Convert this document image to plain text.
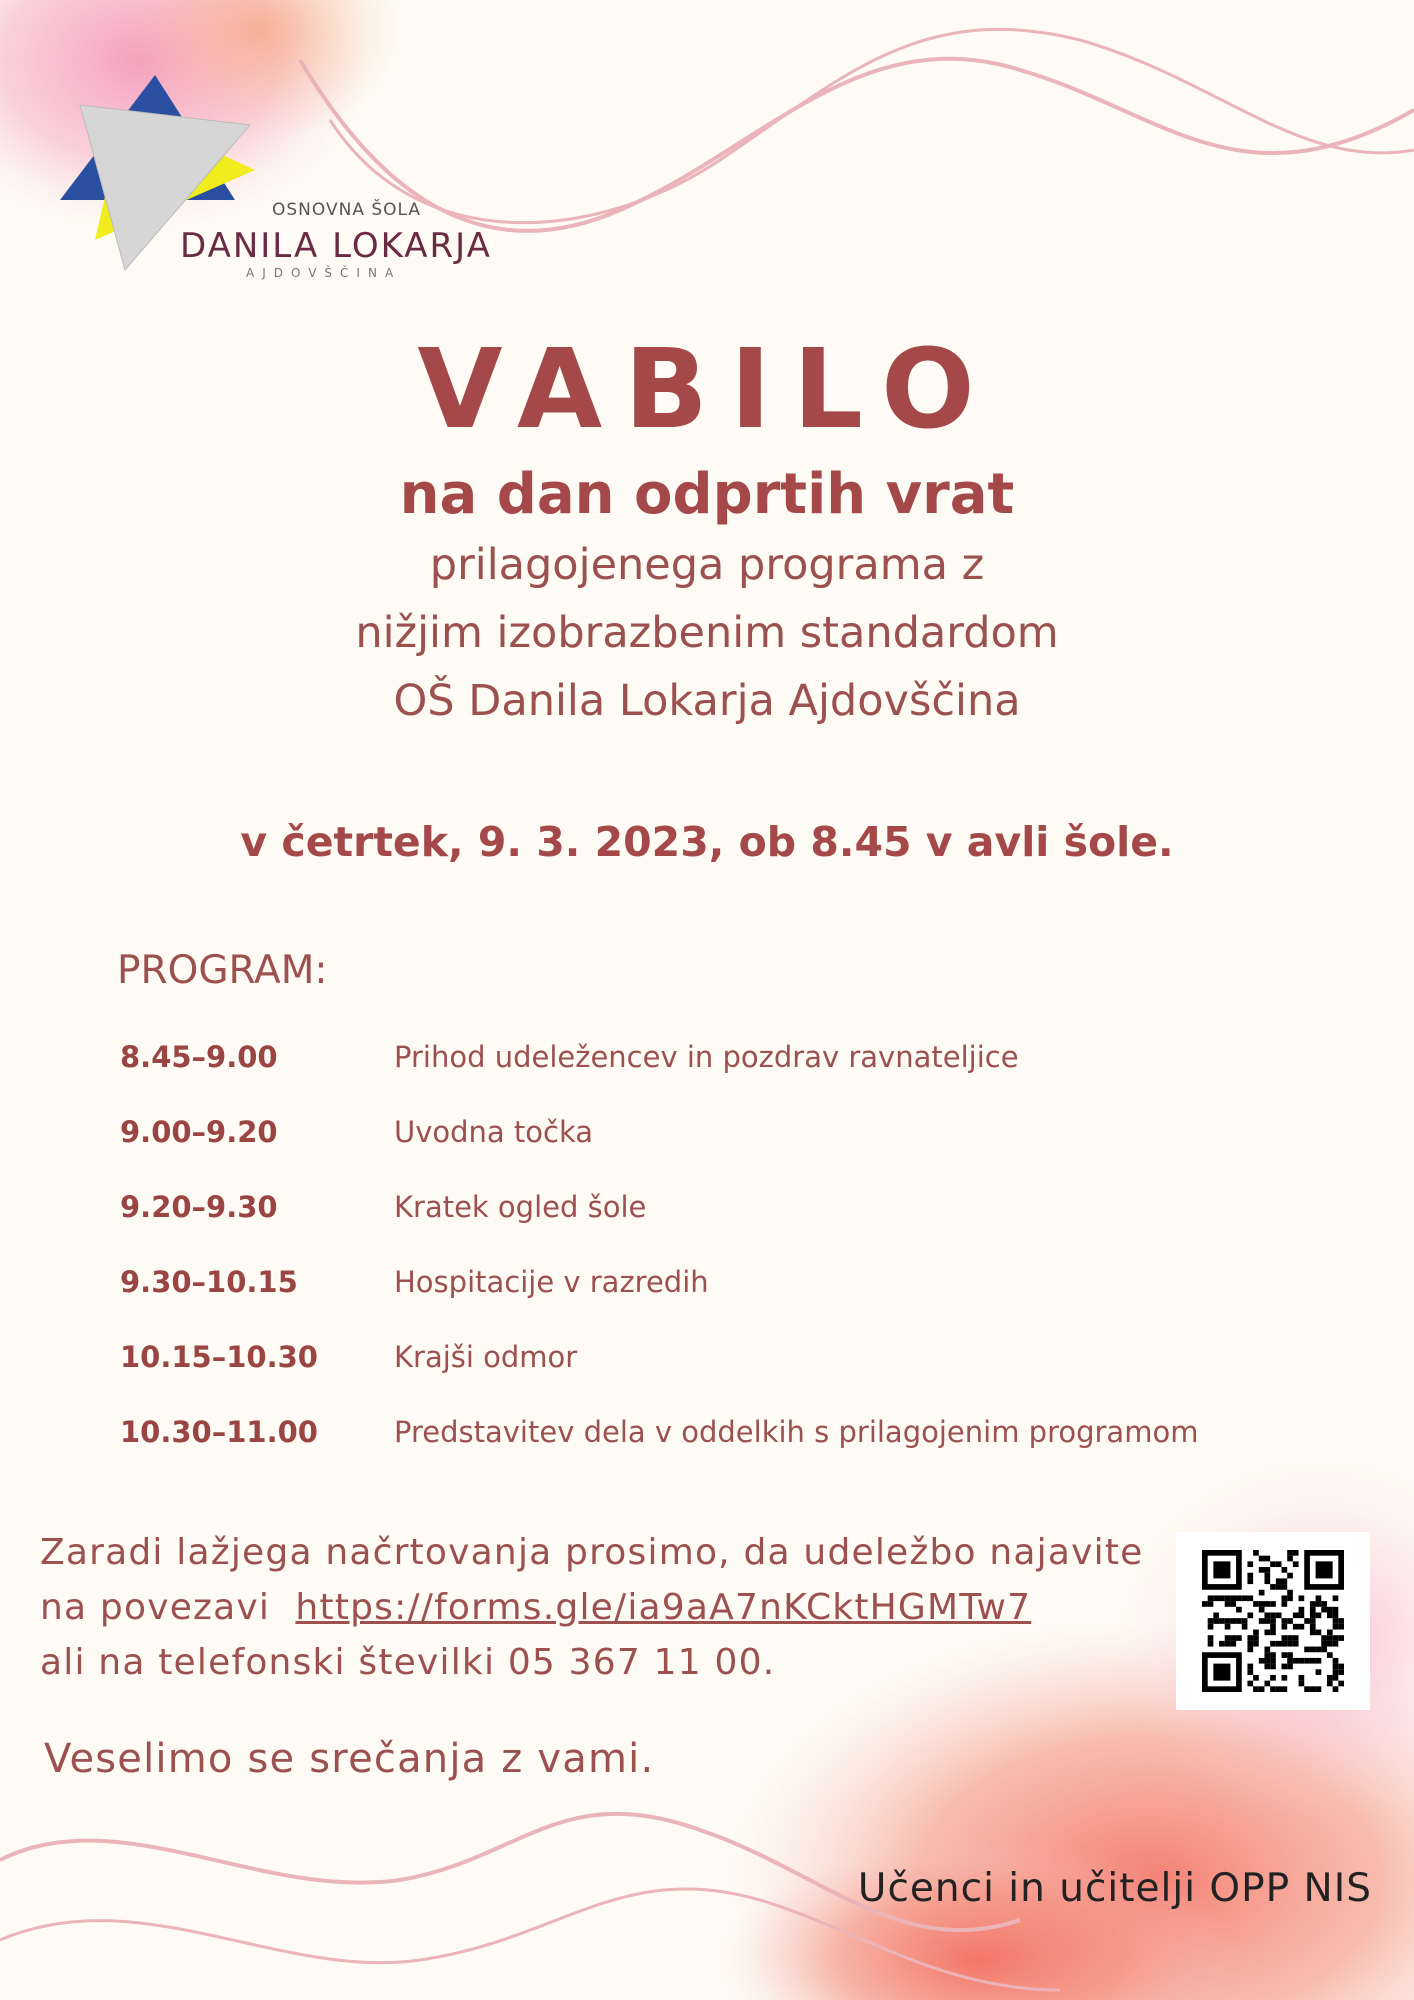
OSNOVNA ŠOLA
DANILA LOKARJA
AJDOVŠČINA
VABILO
na dan odprtih vrat
prilagojenega programa z
nižjim izobrazbenim standardom
OŠ Danila Lokarja Ajdovščina
v četrtek, 9. 3. 2023, ob 8.45 v avli šole.
PROGRAM:
8.45–9.00	Prihod udeležencev in pozdrav ravnateljice
9.00–9.20	Uvodna točka
9.20–9.30	Kratek ogled šole
9.30–10.15	Hospitacije v razredih
10.15–10.30	Krajši odmor
10.30–11.00	Predstavitev dela v oddelkih s prilagojenim programom
Zaradi lažjega načrtovanja prosimo, da udeležbo najavite
na povezavi https://forms.gle/ia9aA7nKCktHGMTw7
ali na telefonski številki 05 367 11 00.
Veselimo se srečanja z vami.
Učenci in učitelji OPP NIS
